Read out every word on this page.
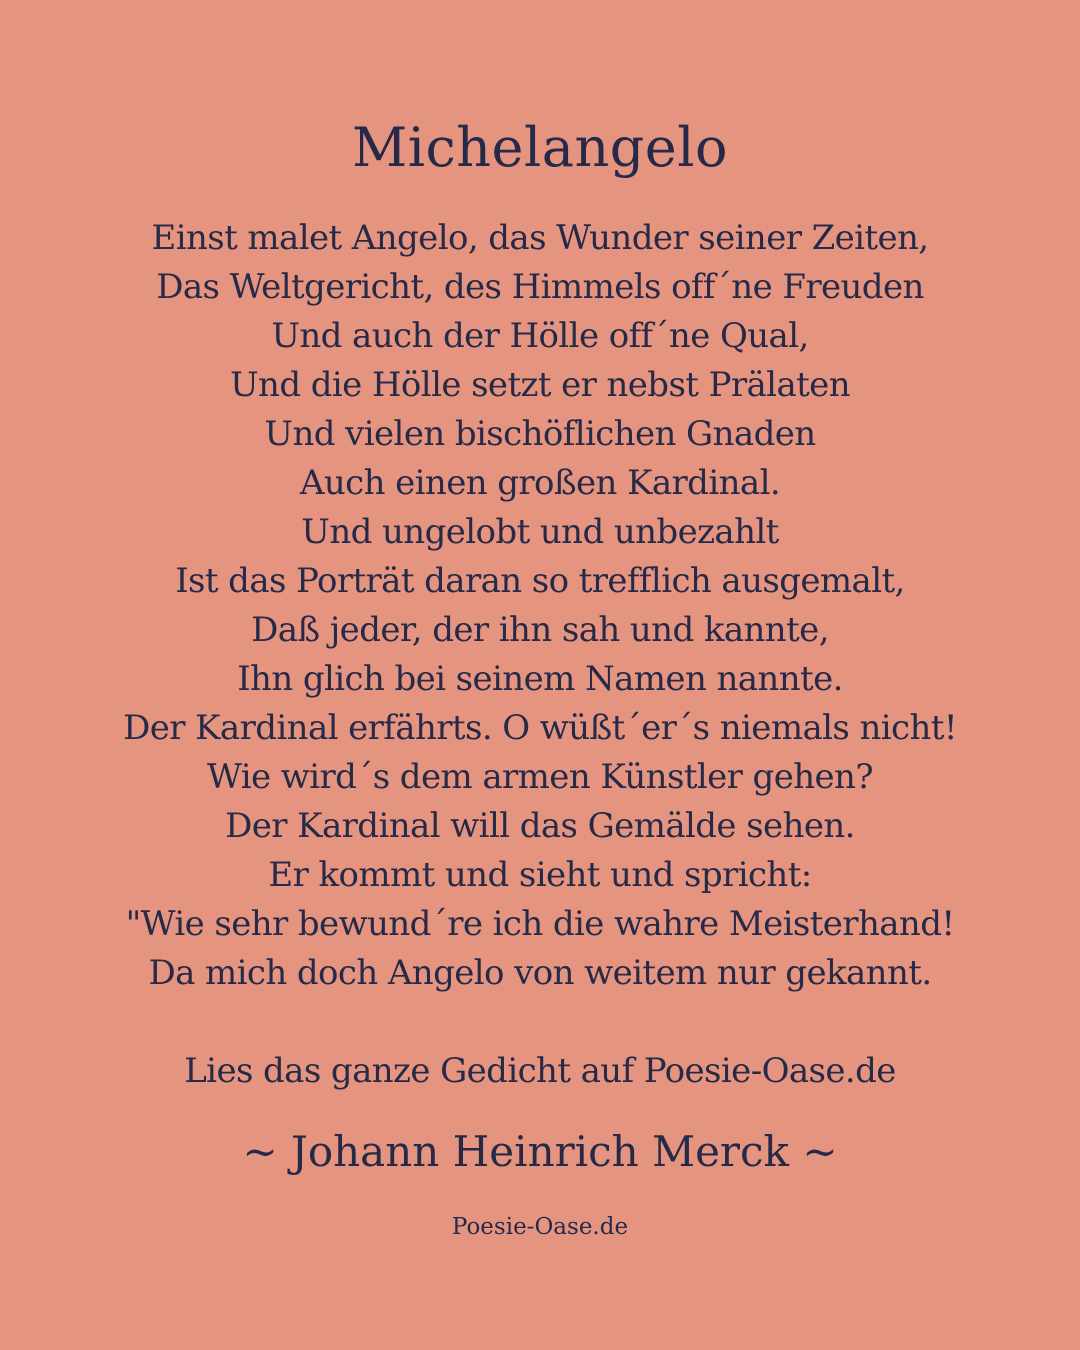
Michelangelo
Einst malet Angelo, das Wunder seiner Zeiten,
Das Weltgericht, des Himmels off´ne Freuden
Und auch der Hölle off´ne Qual,
Und die Hölle setzt er nebst Prälaten
Und vielen bischöflichen Gnaden
Auch einen großen Kardinal.
Und ungelobt und unbezahlt
Ist das Porträt daran so trefflich ausgemalt,
Daß jeder, der ihn sah und kannte,
Ihn glich bei seinem Namen nannte.
Der Kardinal erfährts. O wüßt´er´s niemals nicht!
Wie wird´s dem armen Künstler gehen?
Der Kardinal will das Gemälde sehen.
Er kommt und sieht und spricht:
"Wie sehr bewund´re ich die wahre Meisterhand!
Da mich doch Angelo von weitem nur gekannt.
Lies das ganze Gedicht auf Poesie-Oase.de
~ Johann Heinrich Merck ~
Poesie-Oase.de
